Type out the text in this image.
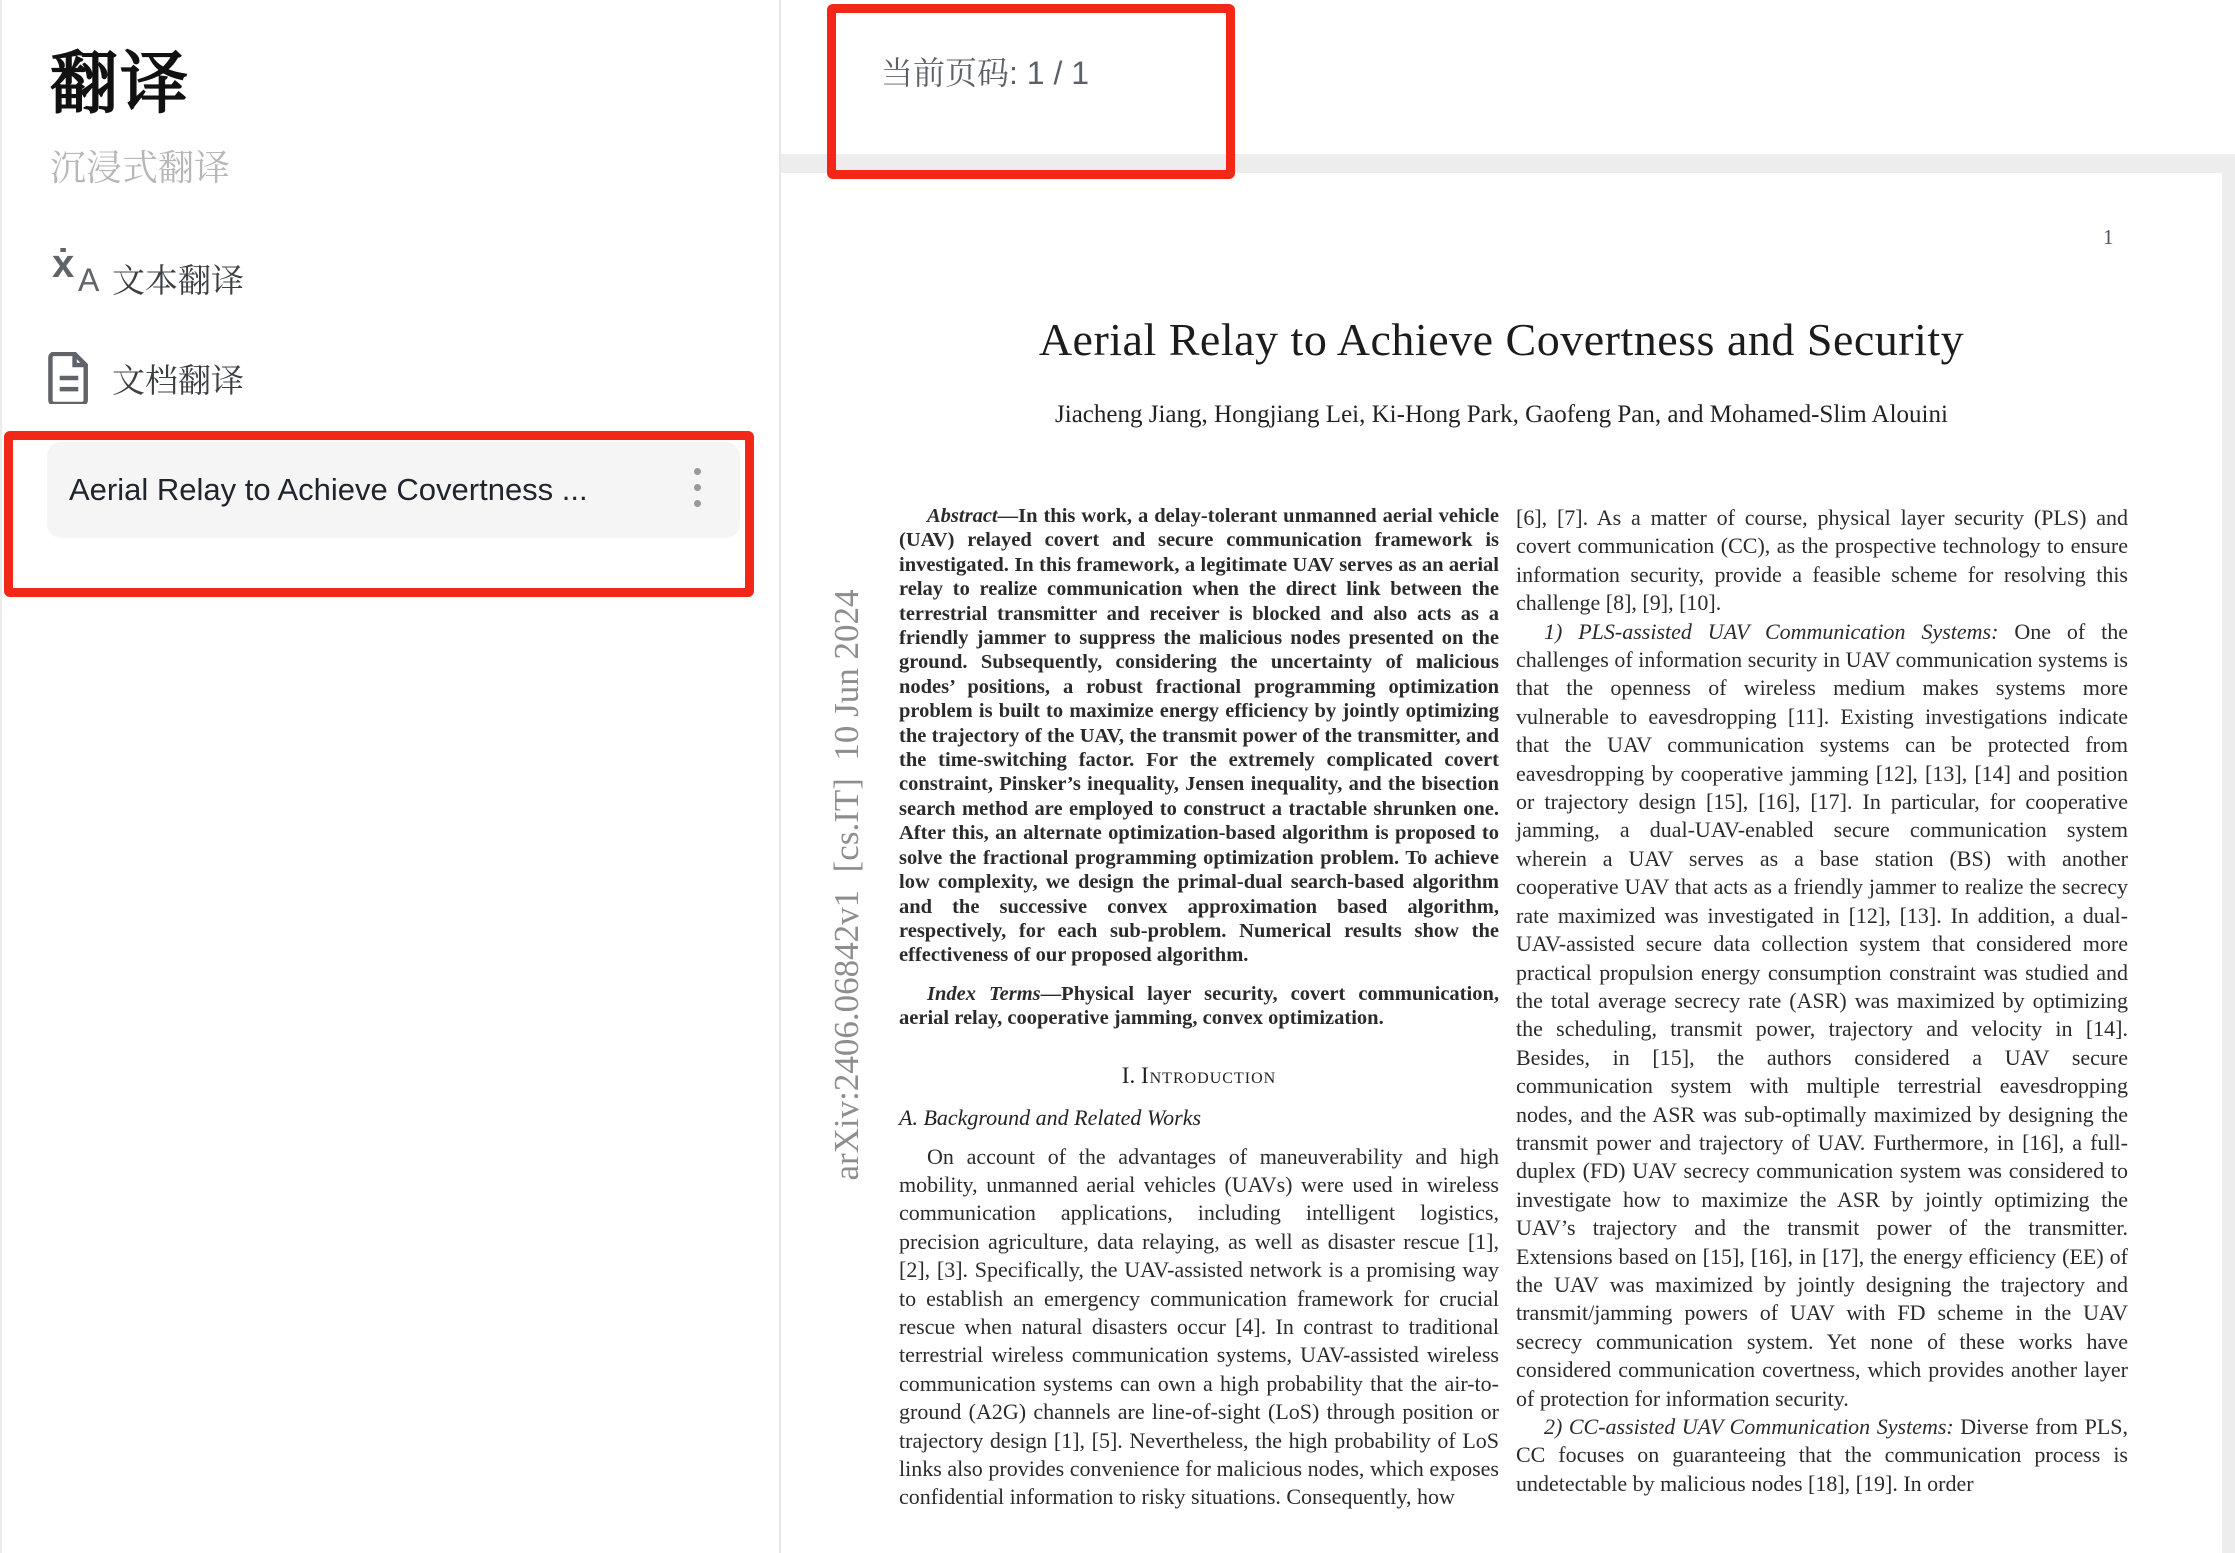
翻译
沉浸式翻译
ẋ A 文本翻译
文档翻译
Aerial Relay to Achieve Covertness ...
当前页码: 1 / 1
1
arXiv:2406.06842v1  [cs.IT]  10 Jun 2024
Aerial Relay to Achieve Covertness and Security
Jiacheng Jiang, Hongjiang Lei, Ki-Hong Park, Gaofeng Pan, and Mohamed-Slim Alouini

Abstract—In this work, a delay-tolerant unmanned aerial vehicle (UAV) relayed covert and secure communication framework is investigated. In this framework, a legitimate UAV serves as an aerial relay to realize communication when the direct link between the terrestrial transmitter and receiver is blocked and also acts as a friendly jammer to suppress the malicious nodes presented on the ground. Subsequently, considering the uncertainty of malicious nodes’ positions, a robust fractional programming optimization problem is built to maximize energy efficiency by jointly optimizing the trajectory of the UAV, the transmit power of the transmitter, and the time-switching factor. For the extremely complicated covert constraint, Pinsker’s inequality, Jensen inequality, and the bisection search method are employed to construct a tractable shrunken one. After this, an alternate optimization-based algorithm is proposed to solve the fractional programming optimization problem. To achieve low complexity, we design the primal-dual search-based algorithm and the successive convex approximation based algorithm, respectively, for each sub-problem. Numerical results show the effectiveness of our proposed algorithm.

Index Terms—Physical layer security, covert communication, aerial relay, cooperative jamming, convex optimization.

I. Introduction
A. Background and Related Works

On account of the advantages of maneuverability and high mobility, unmanned aerial vehicles (UAVs) were used in wireless communication applications, including intelligent logistics, precision agriculture, data relaying, as well as disaster rescue [1], [2], [3]. Specifically, the UAV-assisted network is a promising way to establish an emergency communication framework for crucial rescue when natural disasters occur [4]. In contrast to traditional terrestrial wireless communication systems, UAV-assisted wireless communication systems can own a high probability that the air-to-ground (A2G) channels are line-of-sight (LoS) through position or trajectory design [1], [5]. Nevertheless, the high probability of LoS links also provides convenience for malicious nodes, which exposes confidential information to risky situations. Consequently, how

[6], [7]. As a matter of course, physical layer security (PLS) and covert communication (CC), as the prospective technology to ensure information security, provide a feasible scheme for resolving this challenge [8], [9], [10].

1) PLS-assisted UAV Communication Systems: One of the challenges of information security in UAV communication systems is that the openness of wireless medium makes systems more vulnerable to eavesdropping [11]. Existing investigations indicate that the UAV communication systems can be protected from eavesdropping by cooperative jamming [12], [13], [14] and position or trajectory design [15], [16], [17]. In particular, for cooperative jamming, a dual-UAV-enabled secure communication system wherein a UAV serves as a base station (BS) with another cooperative UAV that acts as a friendly jammer to realize the secrecy rate maximized was investigated in [12], [13]. In addition, a dual-UAV-assisted secure data collection system that considered more practical propulsion energy consumption constraint was studied and the total average secrecy rate (ASR) was maximized by optimizing the scheduling, transmit power, trajectory and velocity in [14]. Besides, in [15], the authors considered a UAV secure communication system with multiple terrestrial eavesdropping nodes, and the ASR was sub-optimally maximized by designing the transmit power and trajectory of UAV. Furthermore, in [16], a full-duplex (FD) UAV secrecy communication system was considered to investigate how to maximize the ASR by jointly optimizing the UAV’s trajectory and the transmit power of the transmitter. Extensions based on [15], [16], in [17], the energy efficiency (EE) of the UAV was maximized by jointly designing the trajectory and transmit/jamming powers of UAV with FD scheme in the UAV secrecy communication system. Yet none of these works have considered communication covertness, which provides another layer of protection for information security.

2) CC-assisted UAV Communication Systems: Diverse from PLS, CC focuses on guaranteeing that the communication process is undetectable by malicious nodes [18], [19]. In order
